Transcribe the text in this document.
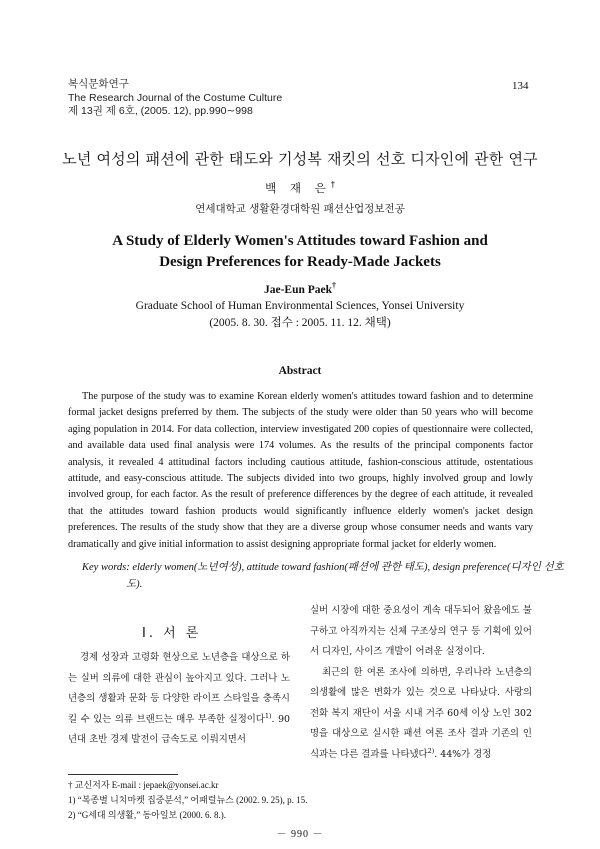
복식문화연구
The Research Journal of the Costume Culture
제 13권 제 6호, (2005. 12), pp.990∼998
134
노년 여성의 패션에 관한 태도와 기성복 재킷의 선호 디자인에 관한 연구
백 재 은†
연세대학교 생활환경대학원 패션산업정보전공
A Study of Elderly Women's Attitudes toward Fashion and
Design Preferences for Ready-Made Jackets
Jae-Eun Paek†
Graduate School of Human Environmental Sciences, Yonsei University
(2005. 8. 30. 접수 : 2005. 11. 12. 채택)
Abstract
The purpose of the study was to examine Korean elderly women's attitudes toward fashion and to determine formal jacket designs preferred by them. The subjects of the study were older than 50 years who will become aging population in 2014. For data collection, interview investigated 200 copies of questionnaire were collected, and available data used final analysis were 174 volumes. As the results of the principal components factor analysis, it revealed 4 attitudinal factors including cautious attitude, fashion-conscious attitude, ostentatious attitude, and easy-conscious attitude. The subjects divided into two groups, highly involved group and lowly involved group, for each factor. As the result of preference differences by the degree of each attitude, it revealed that the attitudes toward fashion products would significantly influence elderly women's jacket design preferences. The results of the study show that they are a diverse group whose consumer needs and wants vary dramatically and give initial information to assist designing appropriate formal jacket for elderly women.
Key words: elderly women(노년여성), attitude toward fashion(패션에 관한 태도), design preference(디자인 선호도).
Ⅰ. 서 론

경제 성장과 고령화 현상으로 노년층을 대상으로 하는 실버 의류에 대한 관심이 높아지고 있다. 그러나 노년층의 생활과 문화 등 다양한 라이프 스타일을 충족시킬 수 있는 의류 브랜드는 매우 부족한 실정이다$^{1)}$. 90년대 초반 경제 발전이 급속도로 이뤄지면서

실버 시장에 대한 중요성이 계속 대두되어 왔음에도 불구하고 아직까지는 신체 구조상의 연구 등 기획에 있어서 디자인, 사이즈 개발이 어려운 실정이다.

최근의 한 여론 조사에 의하면, 우리나라 노년층의 의생활에 많은 변화가 있는 것으로 나타났다. 사랑의 전화 복지 재단이 서울 시내 거주 60세 이상 노인 302명을 대상으로 실시한 패션 여론 조사 결과 기존의 인식과는 다른 결과를 나타냈다$^{2)}$. 44%가 경정

† 교신저자 E-mail : jepaek@yonsei.ac.kr
1) “복종별 니치마켓 집중분석,” 어패럴뉴스 (2002. 9. 25), p. 15.
2) “G세대 의생활,” 동아일보 (2000. 6. 8.).
－ 990 －
